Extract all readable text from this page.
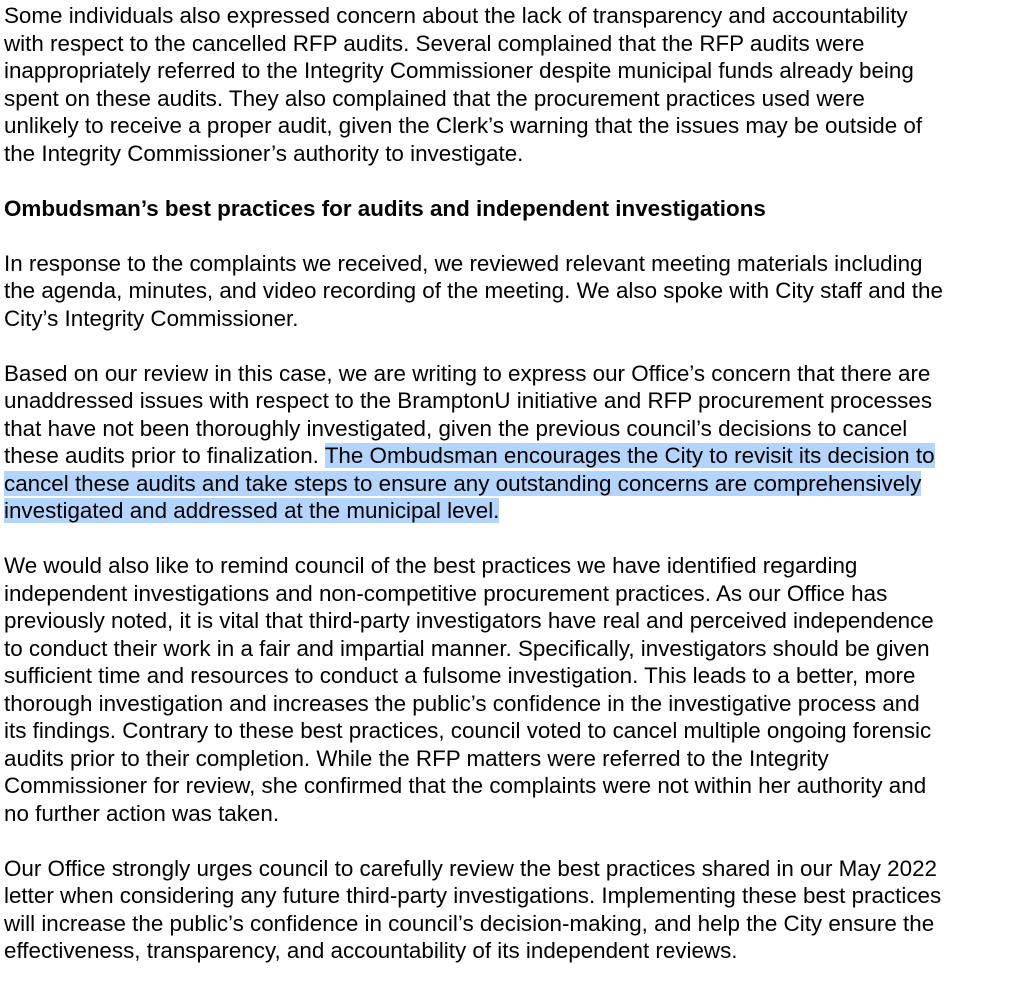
Some individuals also expressed concern about the lack of transparency and accountability
with respect to the cancelled RFP audits. Several complained that the RFP audits were
inappropriately referred to the Integrity Commissioner despite municipal funds already being
spent on these audits. They also complained that the procurement practices used were
unlikely to receive a proper audit, given the Clerk’s warning that the issues may be outside of
the Integrity Commissioner’s authority to investigate.
Ombudsman’s best practices for audits and independent investigations
In response to the complaints we received, we reviewed relevant meeting materials including
the agenda, minutes, and video recording of the meeting. We also spoke with City staff and the
City’s Integrity Commissioner.
Based on our review in this case, we are writing to express our Office’s concern that there are
unaddressed issues with respect to the BramptonU initiative and RFP procurement processes
that have not been thoroughly investigated, given the previous council’s decisions to cancel
these audits prior to finalization. The Ombudsman encourages the City to revisit its decision to
cancel these audits and take steps to ensure any outstanding concerns are comprehensively
investigated and addressed at the municipal level.
We would also like to remind council of the best practices we have identified regarding
independent investigations and non-competitive procurement practices. As our Office has
previously noted, it is vital that third-party investigators have real and perceived independence
to conduct their work in a fair and impartial manner. Specifically, investigators should be given
sufficient time and resources to conduct a fulsome investigation. This leads to a better, more
thorough investigation and increases the public’s confidence in the investigative process and
its findings. Contrary to these best practices, council voted to cancel multiple ongoing forensic
audits prior to their completion. While the RFP matters were referred to the Integrity
Commissioner for review, she confirmed that the complaints were not within her authority and
no further action was taken.
Our Office strongly urges council to carefully review the best practices shared in our May 2022
letter when considering any future third-party investigations. Implementing these best practices
will increase the public’s confidence in council’s decision-making, and help the City ensure the
effectiveness, transparency, and accountability of its independent reviews.
